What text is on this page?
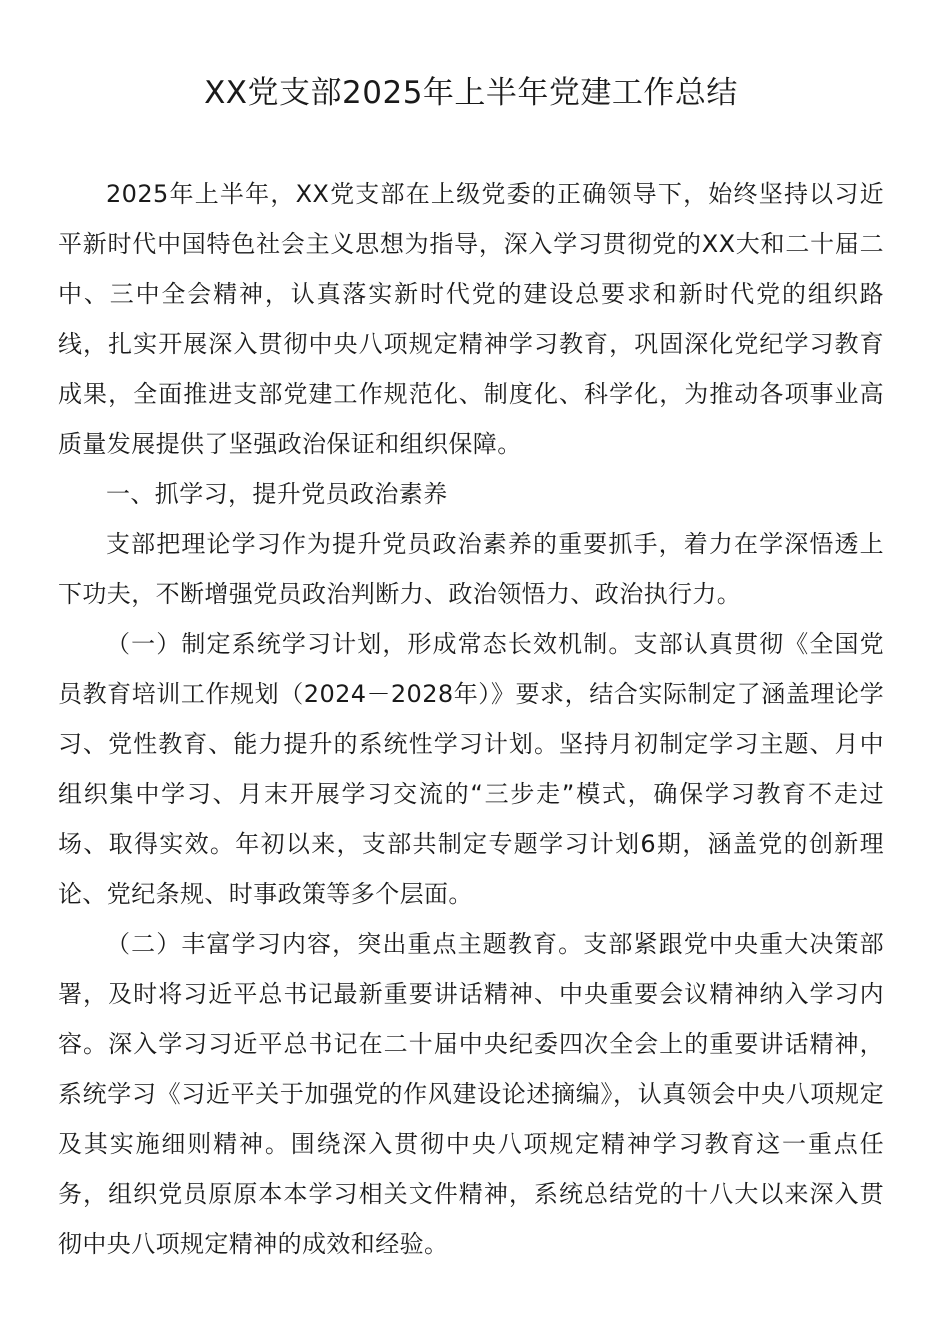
XX党支部2025年上半年党建工作总结

2025年上半年，XX党支部在上级党委的正确领导下，始终坚持以习近平新时代中国特色社会主义思想为指导，深入学习贯彻党的XX大和二十届二中、三中全会精神，认真落实新时代党的建设总要求和新时代党的组织路线，扎实开展深入贯彻中央八项规定精神学习教育，巩固深化党纪学习教育成果，全面推进支部党建工作规范化、制度化、科学化，为推动各项事业高质量发展提供了坚强政治保证和组织保障。

一、抓学习，提升党员政治素养

支部把理论学习作为提升党员政治素养的重要抓手，着力在学深悟透上下功夫，不断增强党员政治判断力、政治领悟力、政治执行力。

（一）制定系统学习计划，形成常态长效机制。支部认真贯彻《全国党员教育培训工作规划（2024－2028年）》要求，结合实际制定了涵盖理论学习、党性教育、能力提升的系统性学习计划。坚持月初制定学习主题、月中组织集中学习、月末开展学习交流的“三步走”模式，确保学习教育不走过场、取得实效。年初以来，支部共制定专题学习计划6期，涵盖党的创新理论、党纪条规、时事政策等多个层面。

（二）丰富学习内容，突出重点主题教育。支部紧跟党中央重大决策部署，及时将习近平总书记最新重要讲话精神、中央重要会议精神纳入学习内容。深入学习习近平总书记在二十届中央纪委四次全会上的重要讲话精神，系统学习《习近平关于加强党的作风建设论述摘编》，认真领会中央八项规定及其实施细则精神。围绕深入贯彻中央八项规定精神学习教育这一重点任务，组织党员原原本本学习相关文件精神，系统总结党的十八大以来深入贯彻中央八项规定精神的成效和经验。
